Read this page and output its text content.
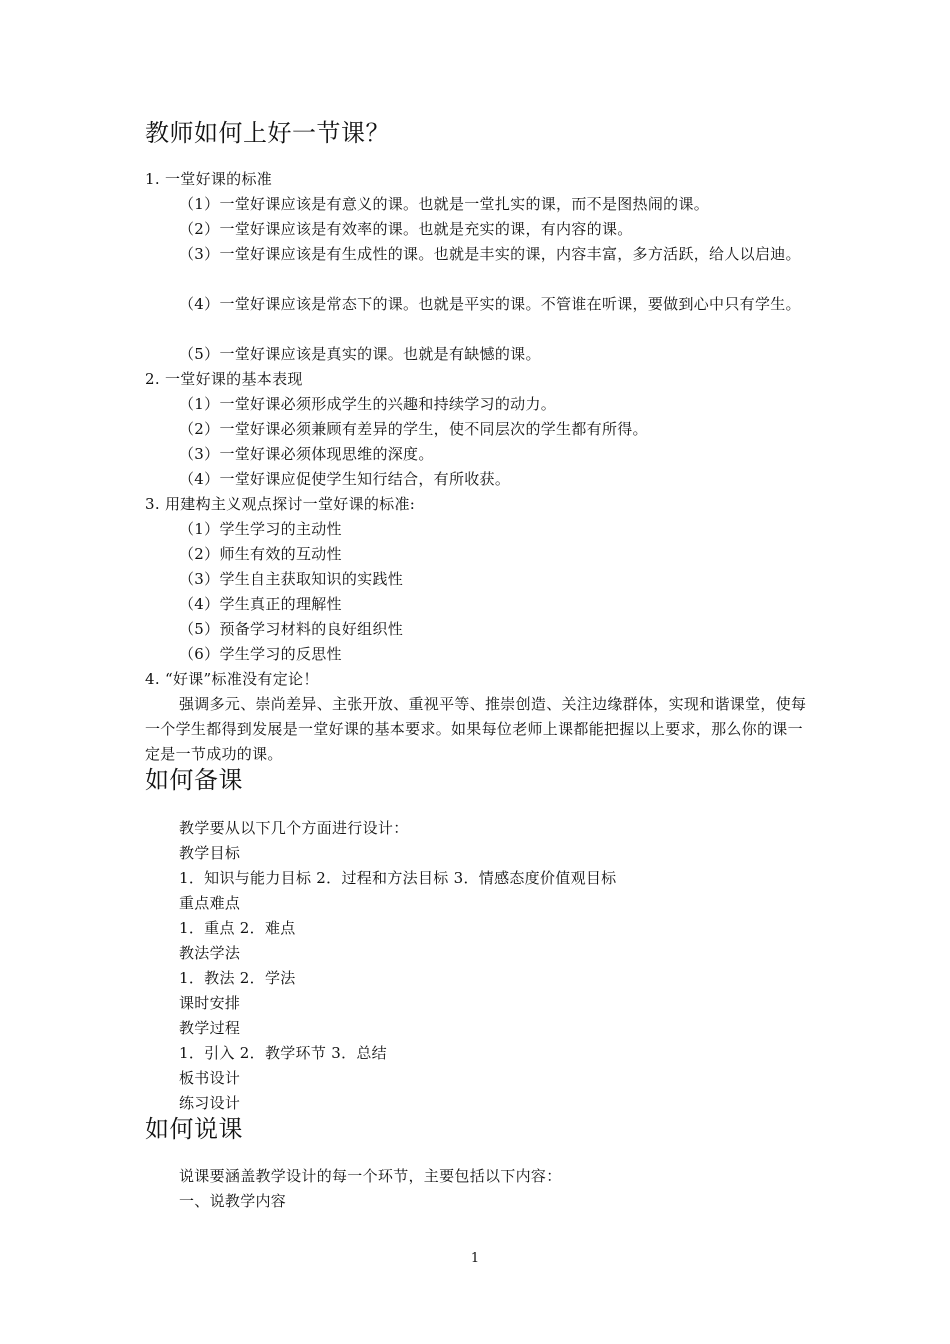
教师如何上好一节课？
1. 一堂好课的标准
（1）一堂好课应该是有意义的课。也就是一堂扎实的课，而不是图热闹的课。
（2）一堂好课应该是有效率的课。也就是充实的课，有内容的课。
（3）一堂好课应该是有生成性的课。也就是丰实的课，内容丰富，多方活跃，给人以启迪。
（4）一堂好课应该是常态下的课。也就是平实的课。不管谁在听课，要做到心中只有学生。
（5）一堂好课应该是真实的课。也就是有缺憾的课。
2. 一堂好课的基本表现
（1）一堂好课必须形成学生的兴趣和持续学习的动力。
（2）一堂好课必须兼顾有差异的学生，使不同层次的学生都有所得。
（3）一堂好课必须体现思维的深度。
（4）一堂好课应促使学生知行结合，有所收获。
3. 用建构主义观点探讨一堂好课的标准:
（1）学生学习的主动性
（2）师生有效的互动性
（3）学生自主获取知识的实践性
（4）学生真正的理解性
（5）预备学习材料的良好组织性
（6）学生学习的反思性
4. “好课”标准没有定论！
强调多元、崇尚差异、主张开放、重视平等、推崇创造、关注边缘群体，实现和谐课堂，使每一个学生都得到发展是一堂好课的基本要求。如果每位老师上课都能把握以上要求，那么你的课一定是一节成功的课。
如何备课
教学要从以下几个方面进行设计：
教学目标
1．知识与能力目标 2．过程和方法目标 3．情感态度价值观目标
重点难点
1．重点 2．难点
教法学法
1．教法 2．学法
课时安排
教学过程
1．引入 2．教学环节 3．总结
板书设计
练习设计
如何说课
说课要涵盖教学设计的每一个环节，主要包括以下内容：
一、说教学内容
1
